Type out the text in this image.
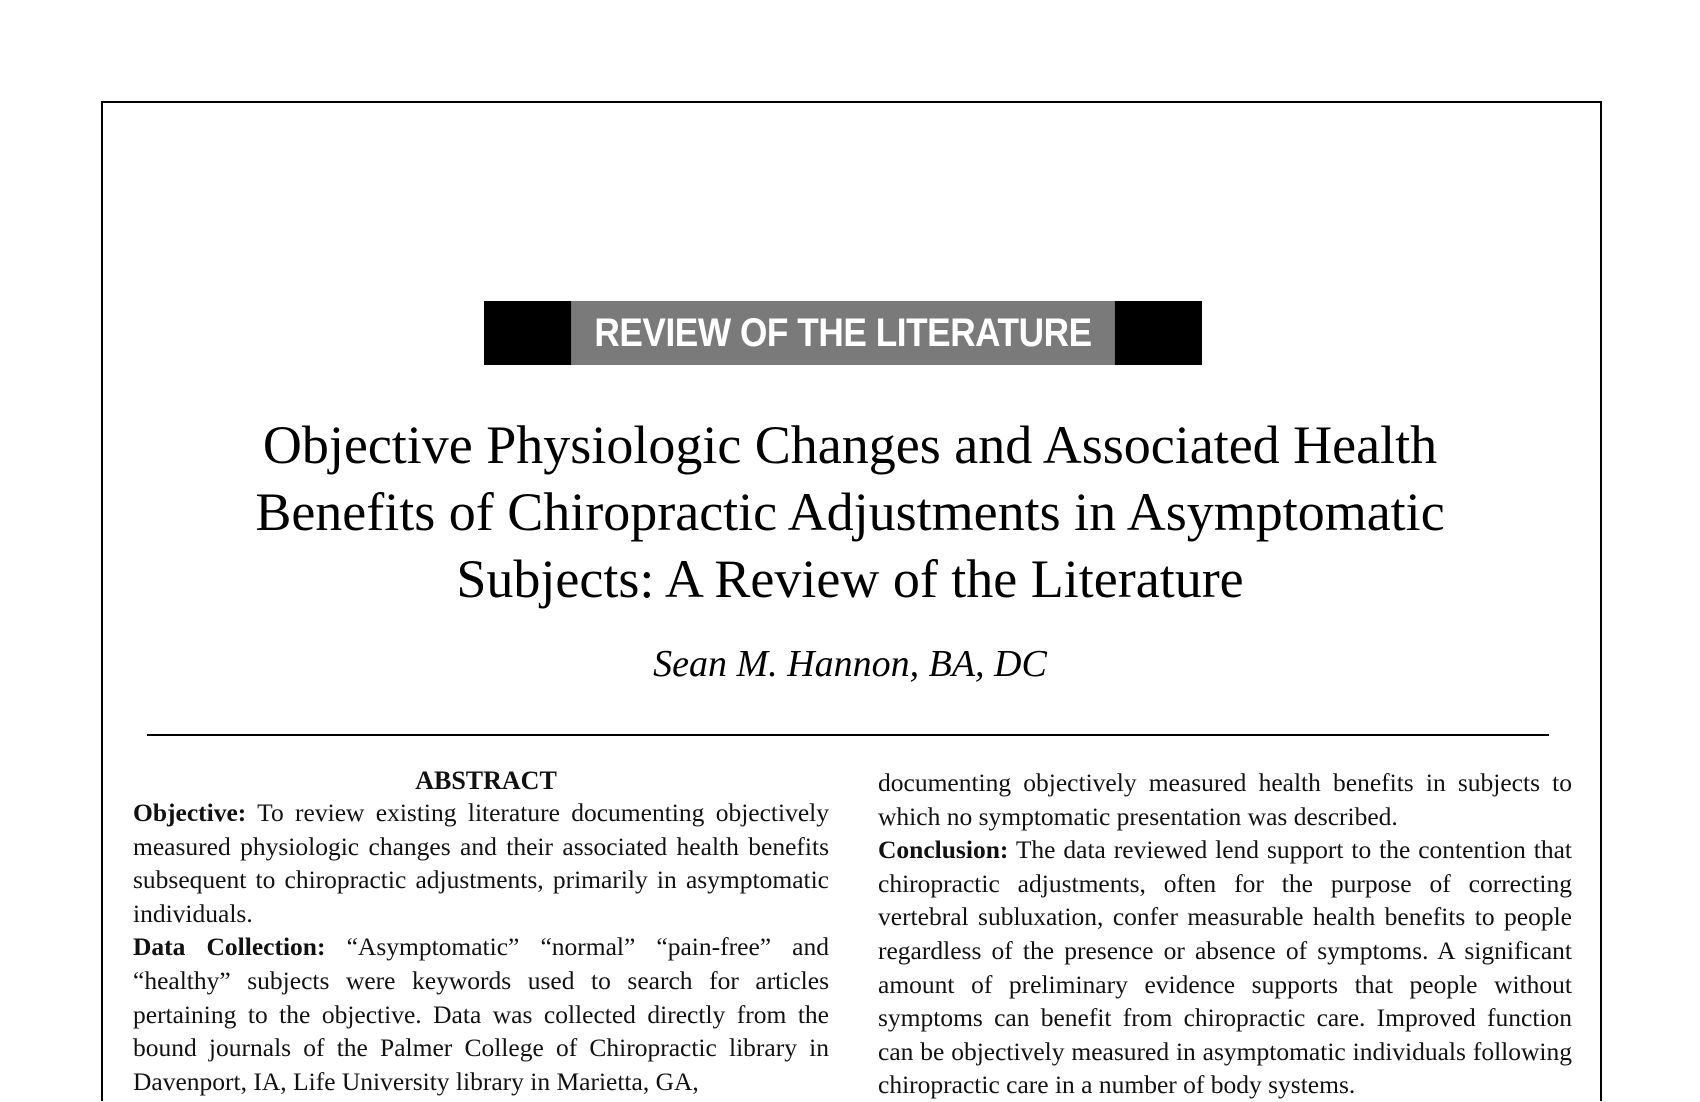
REVIEW OF THE LITERATURE
Objective Physiologic Changes and Associated Health
Benefits of Chiropractic Adjustments in Asymptomatic
Subjects: A Review of the Literature
Sean M. Hannon, BA, DC

ABSTRACT

Objective: To review existing literature documenting objectively measured physiologic changes and their associated health benefits subsequent to chiropractic adjustments, primarily in asymptomatic individuals.

Data Collection: “Asymptomatic” “normal” “pain-free” and “healthy” subjects were keywords used to search for articles pertaining to the objective. Data was collected directly from the bound journals of the Palmer College of Chiropractic library in Davenport, IA, Life University library in Marietta, GA,

documenting objectively measured health benefits in subjects to which no symptomatic presentation was described.

Conclusion: The data reviewed lend support to the contention that chiropractic adjustments, often for the purpose of correcting vertebral subluxation, confer measurable health benefits to people regardless of the presence or absence of symptoms. A significant amount of preliminary evidence supports that people without symptoms can benefit from chiropractic care. Improved function can be objectively measured in asymptomatic individuals following chiropractic care in a number of body systems.
